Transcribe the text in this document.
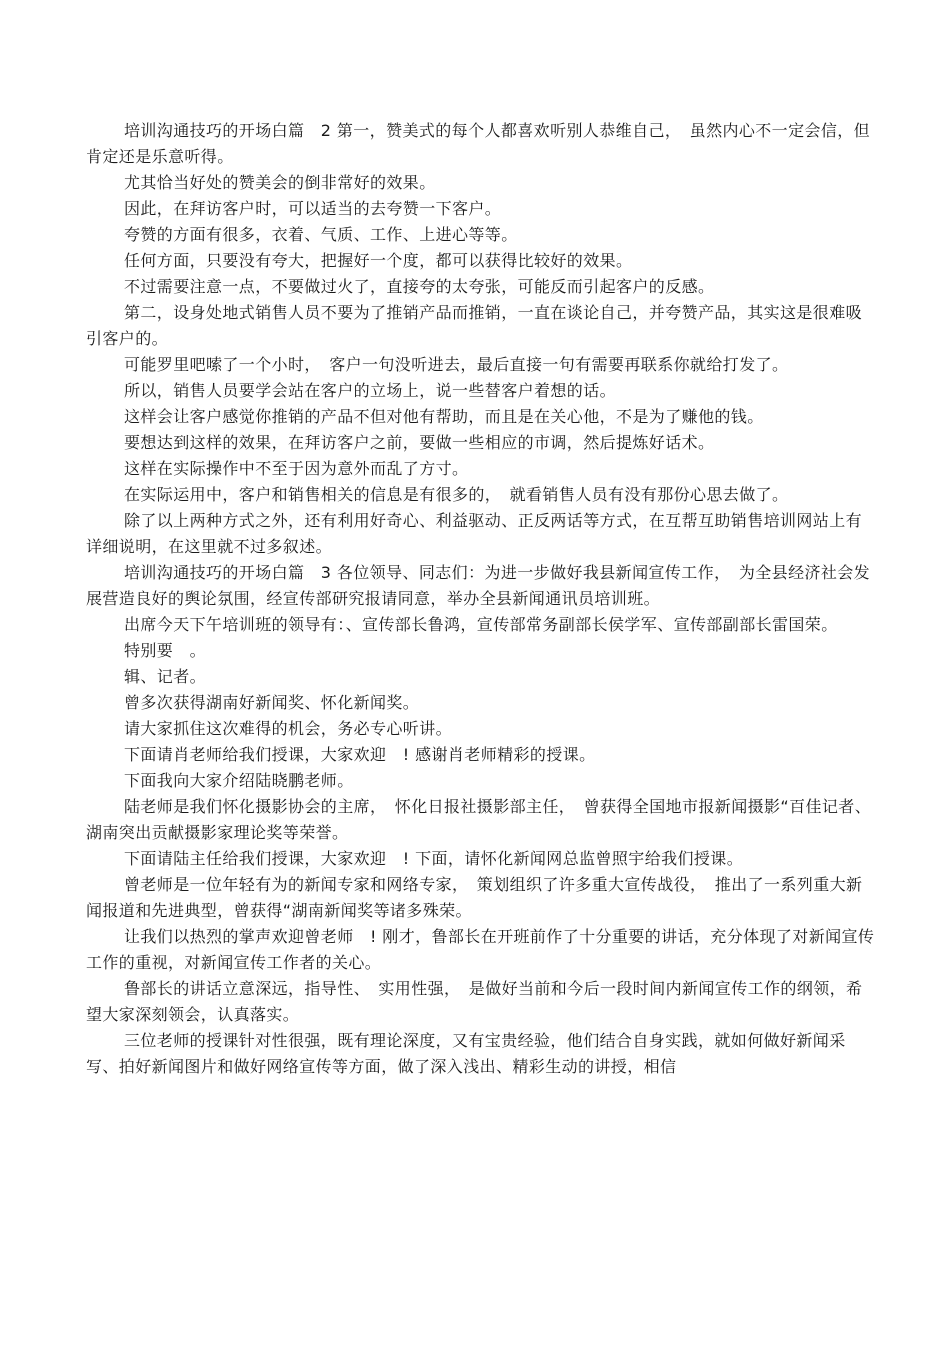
培训沟通技巧的开场白篇　2 第一，赞美式的每个人都喜欢听别人恭维自己，　虽然内心不一定会信，但肯定还是乐意听得。

尤其恰当好处的赞美会的倒非常好的效果。

因此，在拜访客户时，可以适当的去夸赞一下客户。

夸赞的方面有很多，衣着、气质、工作、上进心等等。

任何方面，只要没有夸大，把握好一个度，都可以获得比较好的效果。

不过需要注意一点，不要做过火了，直接夸的太夸张，可能反而引起客户的反感。

第二，设身处地式销售人员不要为了推销产品而推销，一直在谈论自己，并夸赞产品，其实这是很难吸引客户的。

可能罗里吧嗦了一个小时，　客户一句没听进去，最后直接一句有需要再联系你就给打发了。

所以，销售人员要学会站在客户的立场上，说一些替客户着想的话。

这样会让客户感觉你推销的产品不但对他有帮助，而且是在关心他，不是为了赚他的钱。

要想达到这样的效果，在拜访客户之前，要做一些相应的市调，然后提炼好话术。

这样在实际操作中不至于因为意外而乱了方寸。

在实际运用中，客户和销售相关的信息是有很多的，　就看销售人员有没有那份心思去做了。

除了以上两种方式之外，还有利用好奇心、利益驱动、正反两话等方式，在互帮互助销售培训网站上有详细说明，在这里就不过多叙述。

培训沟通技巧的开场白篇　3 各位领导、同志们：为进一步做好我县新闻宣传工作，　为全县经济社会发展营造良好的舆论氛围，经宣传部研究报请同意，举办全县新闻通讯员培训班。

出席今天下午培训班的领导有：、宣传部长鲁鸿，宣传部常务副部长侯学军、宣传部副部长雷国荣。

特别要　。

辑、记者。

曾多次获得湖南好新闻奖、怀化新闻奖。

请大家抓住这次难得的机会，务必专心听讲。

下面请肖老师给我们授课，大家欢迎　! 感谢肖老师精彩的授课。

下面我向大家介绍陆晓鹏老师。

陆老师是我们怀化摄影协会的主席，　怀化日报社摄影部主任，　曾获得全国地市报新闻摄影“百佳记者、湖南突出贡献摄影家理论奖等荣誉。

下面请陆主任给我们授课，大家欢迎　! 下面，请怀化新闻网总监曾照宇给我们授课。

曾老师是一位年轻有为的新闻专家和网络专家，　策划组织了许多重大宣传战役，　推出了一系列重大新闻报道和先进典型，曾获得“湖南新闻奖等诸多殊荣。

让我们以热烈的掌声欢迎曾老师　! 刚才，鲁部长在开班前作了十分重要的讲话，充分体现了对新闻宣传工作的重视，对新闻宣传工作者的关心。

鲁部长的讲话立意深远，指导性、　实用性强，　是做好当前和今后一段时间内新闻宣传工作的纲领，希望大家深刻领会，认真落实。

三位老师的授课针对性很强，既有理论深度，又有宝贵经验，他们结合自身实践，就如何做好新闻采写、拍好新闻图片和做好网络宣传等方面，做了深入浅出、精彩生动的讲授，相信
